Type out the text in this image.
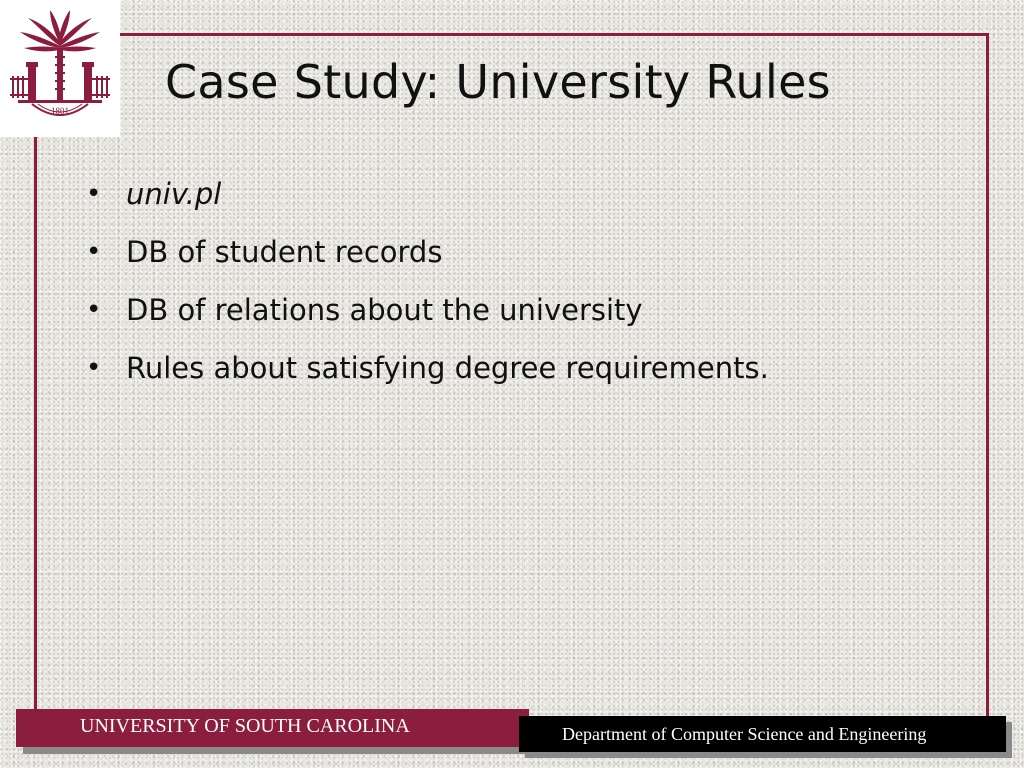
1801
Case Study: University Rules
• univ.pl
• DB of student records
• DB of relations about the university
• Rules about satisfying degree requirements.
UNIVERSITY OF SOUTH CAROLINA	Department of Computer Science and Engineering
